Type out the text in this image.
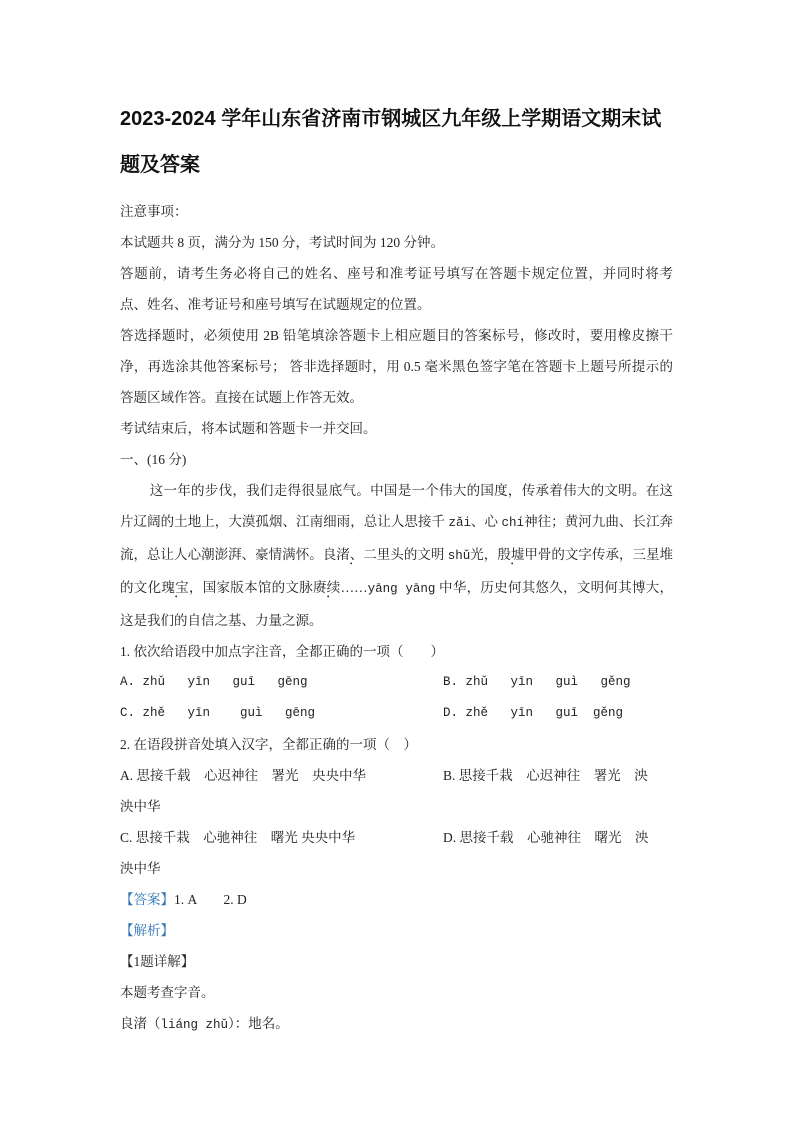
2023-2024 学年山东省济南市钢城区九年级上学期语文期末试题及答案

注意事项：

本试题共 8 页，满分为 150 分，考试时间为 120 分钟。

答题前，请考生务必将自己的姓名、座号和准考证号填写在答题卡规定位置，并同时将考点、姓名、准考证号和座号填写在试题规定的位置。

答选择题时，必须使用 2B 铅笔填涂答题卡上相应题目的答案标号，修改时，要用橡皮擦干净，再选涂其他答案标号； 答非选择题时，用 0.5 毫米黑色签字笔在答题卡上题号所提示的答题区域作答。直接在试题上作答无效。

考试结束后，将本试题和答题卡一并交回。

一、(16 分)

这一年的步伐，我们走得很显底气。中国是一个伟大的国度，传承着伟大的文明。在这片辽阔的土地上，大漠孤烟、江南细雨，总让人思接千 zǎi、心 chí神往；黄河九曲、长江奔流，总让人心潮澎湃、豪情满怀。良渚、二里头的文明 shǔ光，殷墟甲骨的文字传承，三星堆的文化瑰宝，国家版本馆的文脉赓续……yāng yāng 中华，历史何其悠久，文明何其博大，这是我们的自信之基、力量之源。

1. 依次给语段中加点字注音，全都正确的一项（　　）

A. zhǔ   yīn   guī   gēng	B. zhǔ   yīn   guì   gěng
C. zhě   yīn    guì   gēng	D. zhě   yīn   guī  gěng

2. 在语段拼音处填入汉字，全都正确的一项（　）

A. 思接千载　心迟神往　署光　央央中华	B. 思接千栽　心迟神往　署光　泱

泱中华

C. 思接千栽　心驰神往　曙光 央央中华	D. 思接千载　心驰神往　曙光　泱

泱中华

【答案】1. A　　2. D

【解析】

【1题详解】

本题考查字音。

良渚（liáng zhǔ）：地名。
